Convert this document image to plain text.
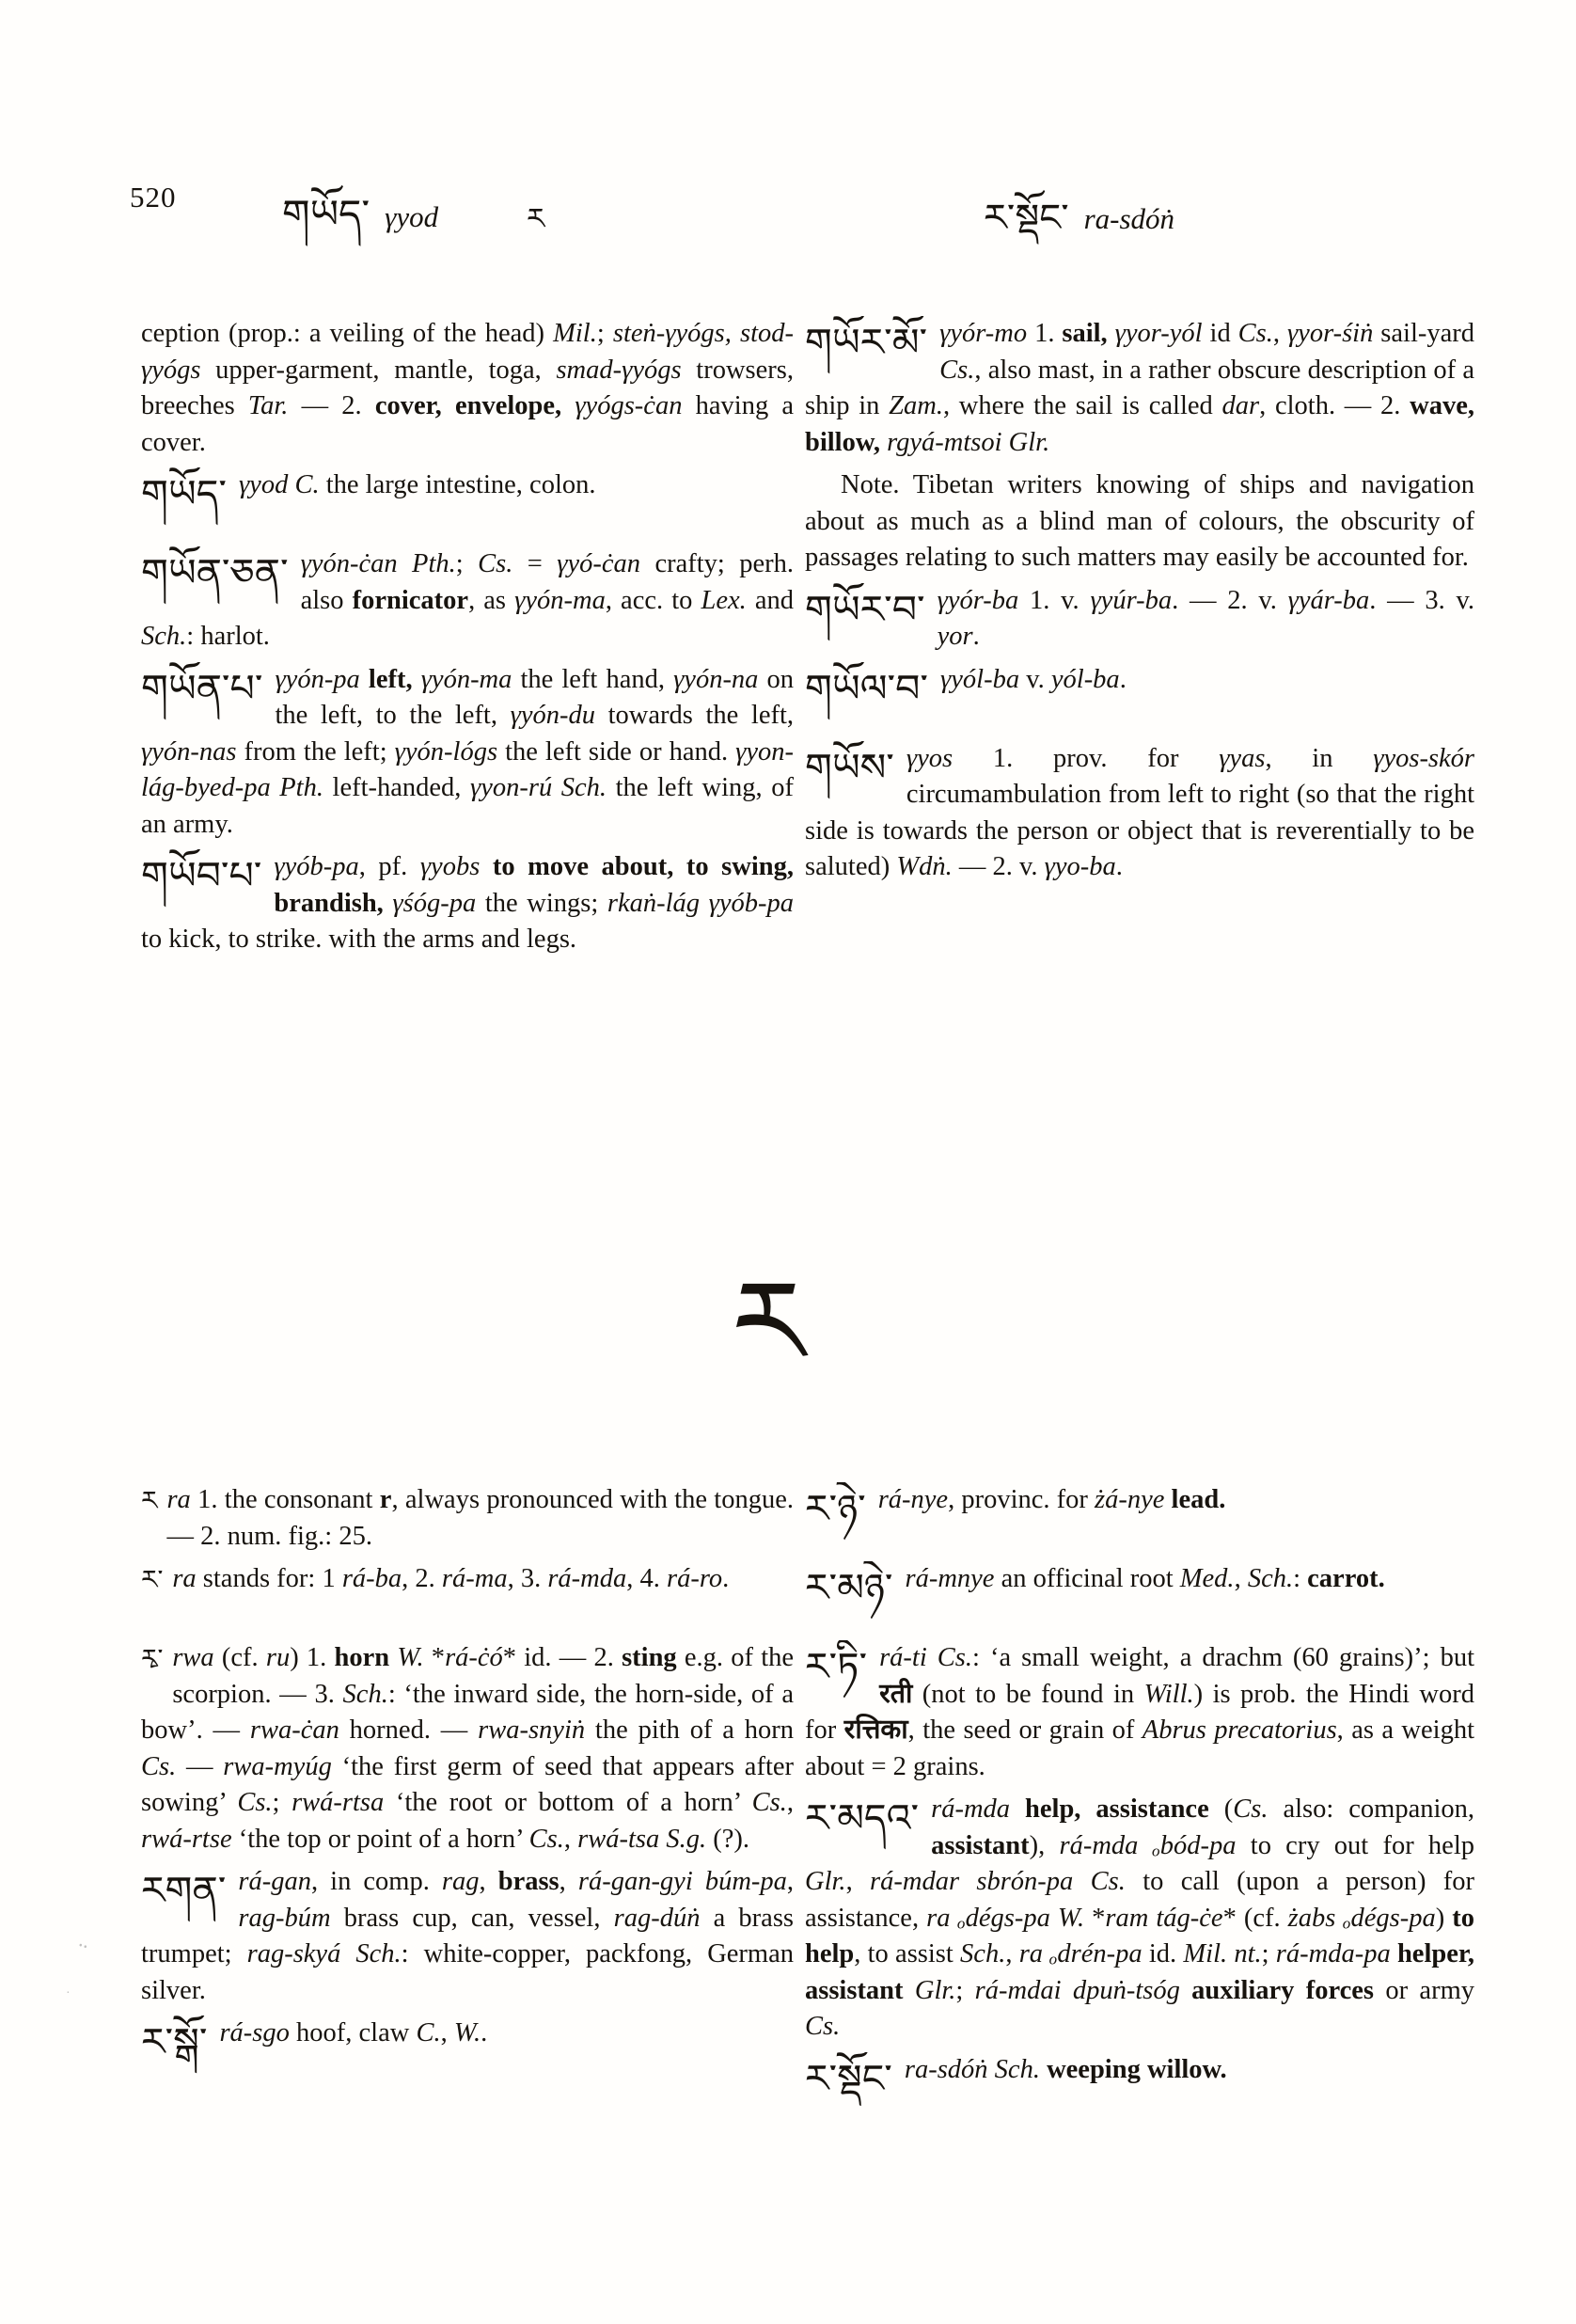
520	གཡོད་ γyod	ར	ར་སྡོང་ ra-sdóṅ

ception (prop.: a veiling of the head) Mil.; steṅ-γyógs, stod-γyógs upper-garment, mantle, toga, smad-γyógs trowsers, breeches Tar. — 2. cover, envelope, γyógs-ċan having a cover.

གཡོད་ γyod C. the large intestine, colon.

གཡོན་ཅན་ γyón-ċan Pth.; Cs. = γyó-ċan crafty; perh. also fornicator, as γyón-ma, acc. to Lex. and Sch.: harlot.

གཡོན་པ་ γyón-pa left, γyón-ma the left hand, γyón-na on the left, to the left, γyón-du towards the left, γyón-nas from the left; γyón-lógs the left side or hand. γyon-lág-byed-pa Pth. left-handed, γyon-rú Sch. the left wing, of an army.

གཡོབ་པ་ γyób-pa, pf. γyobs to move about, to swing, brandish, γśóg-pa the wings; rkaṅ-lág γyób-pa to kick, to strike. with the arms and legs.

གཡོར་མོ་ γyór-mo 1. sail, γyor-yól id Cs., γyor-śiṅ sail-yard Cs., also mast, in a rather obscure description of a ship in Zam., where the sail is called dar, cloth. — 2. wave, billow, rgyá-mtsoi Glr.

Note. Tibetan writers knowing of ships and navigation about as much as a blind man of colours, the obscurity of passages relating to such matters may easily be accounted for.

གཡོར་བ་ γyór-ba 1. v. γyúr-ba. — 2. v. γyár-ba. — 3. v. yor.

གཡོལ་བ་ γyól-ba v. yól-ba.

གཡོས་ γyos 1. prov. for γyas, in γyos-skór circumambulation from left to right (so that the right side is towards the person or object that is reverentially to be saluted) Wdṅ. — 2. v. γyo-ba.

ར

ར ra 1. the consonant r, always pronounced with the tongue. — 2. num. fig.: 25.

ར་ ra stands for: 1 rá-ba, 2. rá-ma, 3. rá-mda, 4. rá-ro.

རྭ་ rwa (cf. ru) 1. horn W. *rá-ċó* id. — 2. sting e.g. of the scorpion. — 3. Sch.: ‘the inward side, the horn-side, of a bow’. — rwa-ċan horned. — rwa-snyiṅ the pith of a horn Cs. — rwa-myúg ‘the first germ of seed that appears after sowing’ Cs.; rwá-rtsa ‘the root or bottom of a horn’ Cs., rwá-rtse ‘the top or point of a horn’ Cs., rwá-tsa S.g. (?).

རགན་ rá-gan, in comp. rag, brass, rá-gan-gyi búm-pa, rag-búm brass cup, can, vessel, rag-dúṅ a brass trumpet; rag-skyá Sch.: white-copper, packfong, German silver.

ར་སྒོ་ rá-sgo hoof, claw C., W..

ར་ཉེ་ rá-nye, provinc. for żá-nye lead.

ར་མཉེ་ rá-mnye an officinal root Med., Sch.: carrot.

ར་ཏི་ rá-ti Cs.: ‘a small weight, a drachm (60 grains)’; but रती (not to be found in Will.) is prob. the Hindi word for रत्तिका, the seed or grain of Abrus precatorius, as a weight about = 2 grains.

ར་མདའ་ rá-mda help, assistance (Cs. also: companion, assistant), rá-mda ₒbód-pa to cry out for help Glr., rá-mdar sbrón-pa Cs. to call (upon a person) for assistance, ra ₒdégs-pa W. *ram tág-ċe* (cf. żabs ₒdégs-pa) to help, to assist Sch., ra ₒdrén-pa id. Mil. nt.; rá-mda-pa helper, assistant Glr.; rá-mdai dpuṅ-tsóg auxiliary forces or army Cs.

ར་སྡོང་ ra-sdóṅ Sch. weeping willow.

⸳⸳
·
